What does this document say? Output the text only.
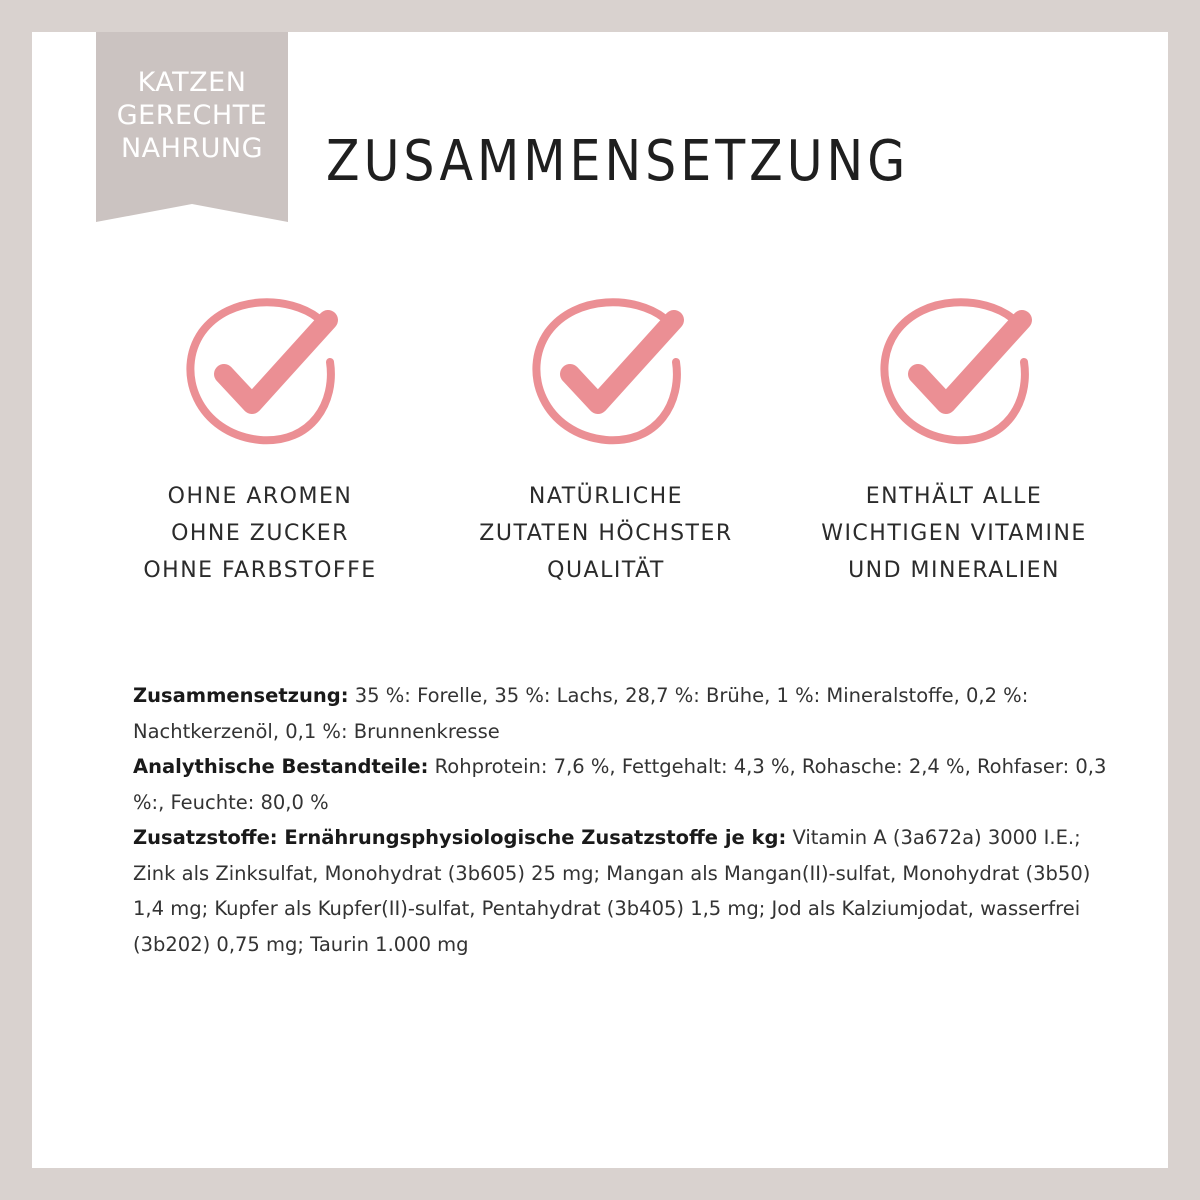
KATZEN
GERECHTE
NAHRUNG	ZUSAMMENSETZUNG
OHNE AROMEN
OHNE ZUCKER
OHNE FARBSTOFFE
NATÜRLICHE
ZUTATEN HÖCHSTER
QUALITÄT
ENTHÄLT ALLE
WICHTIGEN VITAMINE
UND MINERALIEN

Zusammensetzung: 35 %: Forelle, 35 %: Lachs, 28,7 %: Brühe, 1 %: Mineralstoffe, 0,2 %: Nachtkerzenöl, 0,1 %: Brunnenkresse

Analythische Bestandteile: Rohprotein: 7,6 %, Fettgehalt: 4,3 %, Rohasche: 2,4 %, Rohfaser: 0,3 %:, Feuchte: 80,0 %

Zusatzstoffe: Ernährungsphysiologische Zusatzstoffe je kg: Vitamin A (3a672a) 3000 I.E.; Zink als Zinksulfat, Monohydrat (3b605) 25 mg; Mangan als Mangan(II)-sulfat, Monohydrat (3b50) 1,4 mg; Kupfer als Kupfer(II)-sulfat, Pentahydrat (3b405) 1,5 mg; Jod als Kalziumjodat, wasserfrei (3b202) 0,75 mg; Taurin 1.000 mg
